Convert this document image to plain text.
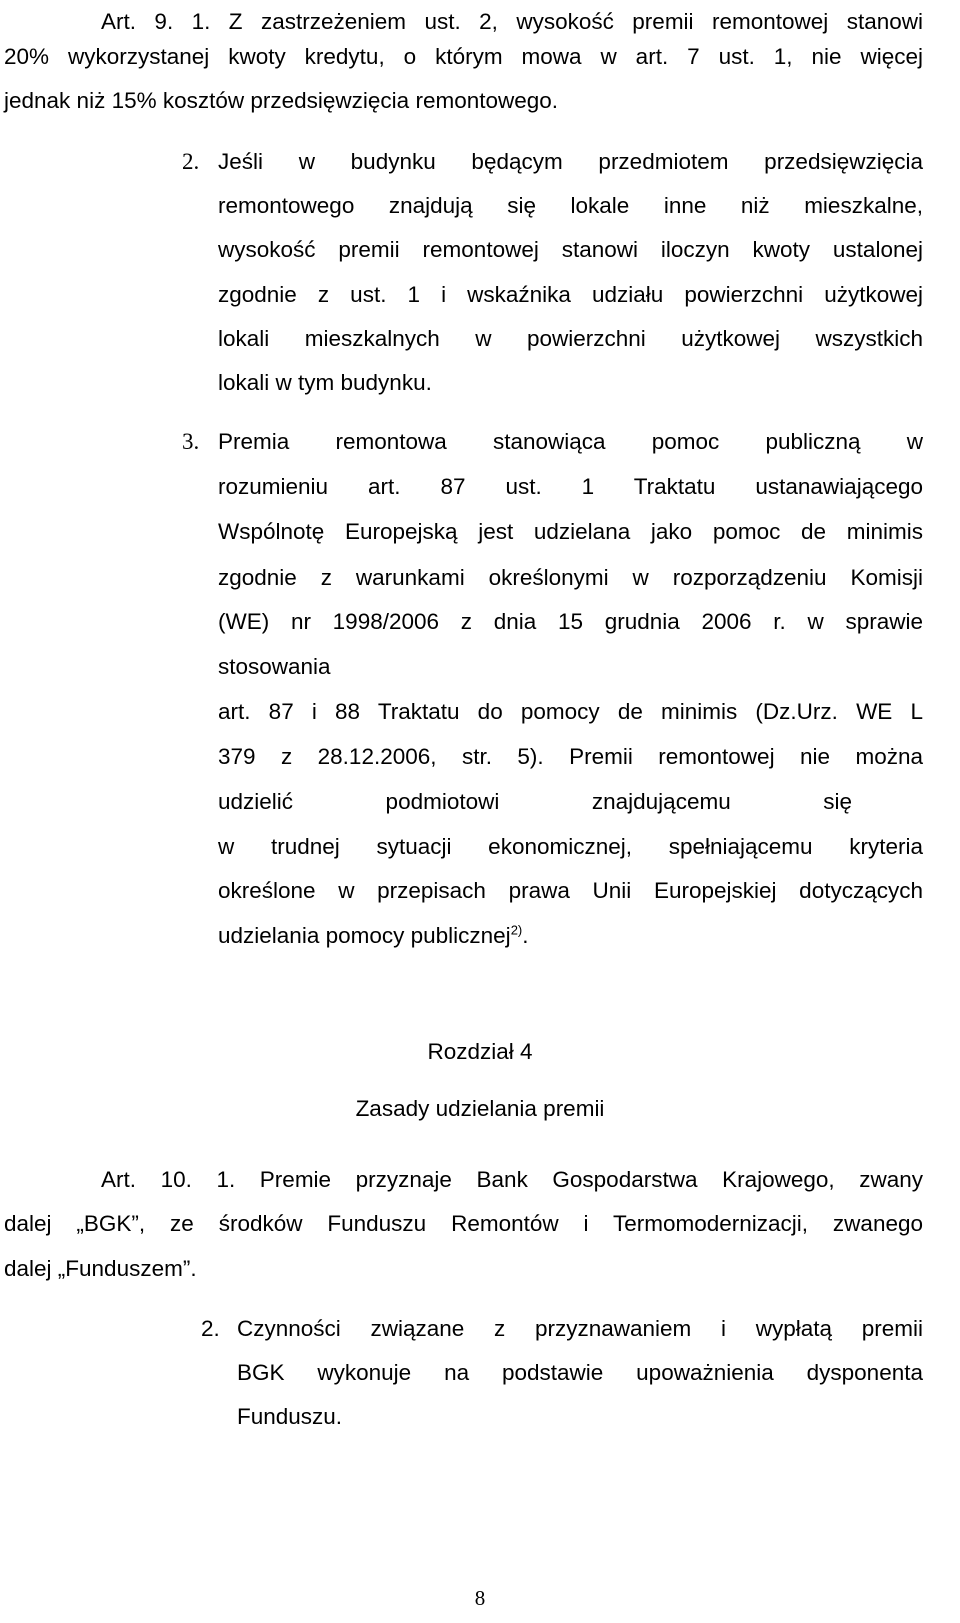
Art. 9. 1. Z zastrzeżeniem ust. 2, wysokość premii remontowej stanowi
20% wykorzystanej kwoty kredytu, o którym mowa w art. 7 ust. 1, nie więcej
jednak niż 15% kosztów przedsięwzięcia remontowego.
2. Jeśli w budynku będącym przedmiotem przedsięwzięcia
remontowego znajdują się lokale inne niż mieszkalne,
wysokość premii remontowej stanowi iloczyn kwoty ustalonej
zgodnie z ust. 1 i wskaźnika udziału powierzchni użytkowej
lokali mieszkalnych w powierzchni użytkowej wszystkich
lokali w tym budynku.
3. Premia remontowa stanowiąca pomoc publiczną w
rozumieniu art. 87 ust. 1 Traktatu ustanawiającego
Wspólnotę Europejską jest udzielana jako pomoc de minimis
zgodnie z warunkami określonymi w rozporządzeniu Komisji
(WE) nr 1998/2006 z dnia 15 grudnia 2006 r. w sprawie
stosowania
art. 87 i 88 Traktatu do pomocy de minimis (Dz.Urz. WE L
379 z 28.12.2006, str. 5). Premii remontowej nie można
udzielić podmiotowi znajdującemu się
w trudnej sytuacji ekonomicznej, spełniającemu kryteria
określone w przepisach prawa Unii Europejskiej dotyczących
udzielania pomocy publicznej$^{2)}$.
Rozdział 4
Zasady udzielania premii
Art. 10. 1. Premie przyznaje Bank Gospodarstwa Krajowego, zwany
dalej „BGK”, ze środków Funduszu Remontów i Termomodernizacji, zwanego
dalej „Funduszem”.
2. Czynności związane z przyznawaniem i wypłatą premii
BGK wykonuje na podstawie upoważnienia dysponenta
Funduszu.
8
